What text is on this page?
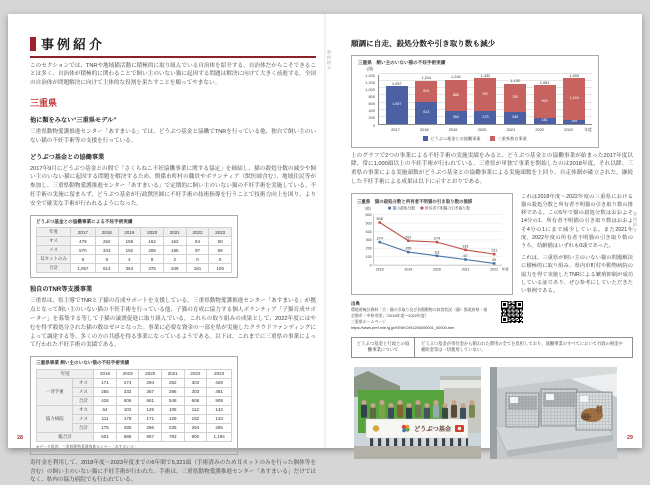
事例紹介

このセクションでは、TNRや地域猫活動に積極的に取り組んでいる自治体を紹介する。自治体だからこそできることは多く、自治体が積極的に関わることで飼い主のいない猫に起因する問題は解決に向けて大きく前進する。全国の自治体が問題解決に向けて主体的な役割を果たすことを願ってやまない。

三重県
他に類をみない“三重県モデル”

三重県動物愛護推進センター「あすまいる」では、どうぶつ基金と協働でTNRを行っている他、独自で飼い主のいない猫の不妊手術等の支援を行っている。

どうぶつ基金との協働事業

2017年9月にどうぶつ基金との間で「さくらねこ不妊協働事業に関する協定」を締結し、猫の殺処分数の減少や飼い主のいない猫に起因する問題を解決するため、関係市町村の職員やボランティア（獣医師含む）、地域住民等が参加し、三重県動物愛護推進センター「あすまいる」で定期的に飼い主のいない猫の不妊手術を実施している。不妊手術の実施に留まらず、どうぶつ基金が行政獣医師に不妊手術の技術指導を行うことで技術力向上を図り、より安全で確実な手術が行われるようになった。

どうぶつ基金との協働事業による不妊手術実績
年度	2017	2018	2019	2020	2021	2022	2023
オス	479	262	158	162	162	84	50
メス	570	343	192	205	185	97	59
耳カットのみ	8	8	4	8	2	0	0
合計	1,057	613	354	375	349	181	109
独自のTNR等支援事業

三重県は、県主導でTNRと子猫の育成サポートを支援している。三重県動物愛護推進センター「あすまいる」が拠点となって飼い主のいない猫の不妊手術を行っている他、子猫の育成に協力する個人ボランティア「子猫育成サポーター」を募集する等して子猫の譲渡促進に取り組んでいる。これらの取り組みの成果として、2022年度にはやむを得ず殺処分された猫の数はゼロとなった。事業に必要な資金の一部を県が実施したクラウドファンディングによって調達する等、多くの方の共感を得る事業になっているようである。以下は、これまでに三重県の事業によって行われた不妊手術の実績である。

三重県事業 飼い主のいない猫の不妊手術実績
年度		2018	2019	2020	2021	2022	2023
一斉手術	オス	171	274	294	252	303	428
	メス	255	332	367	296	303	481
	合計	426	606	661	548	606	909
協力病院	オス	64	102	125	106	112	142
	メス	111	178	171	129	182	143
	合計	175	280	296	235	294	285
総合計		601	886	957	783	900	1,194
※データ提供：三重県動物愛護推進センター「あすまいる」

寄付金を利用して、2018年度～2023年度までの6年間で5,321頭（手術済みのため耳カットのみを行った個体等を含む）の飼い主のいない猫に不妊手術が行われた。手術は、三重県動物愛護推進センター「あすまいる」だけではなく、県内の協力病院でも行われている。

28
事例紹介
事例紹介
順調に自走、殺処分数や引き取り数も減少
三重県　飼い主のいない猫の不妊手術実績
(頭)
0
200
400
600
800
1,000
1,200
1,400
1,057
1,057
1,214
601
613
1,240
886
354
1,332
957
375
1,132
783
349
1,081
900
181
1,303
1,194
109
2017	2018	2019	2020	2021	2022	2023	年度
どうぶつ基金との協働事業	三重県独自事業

上のグラフで2つの事業による不妊手術の実施実績をみると、どうぶつ基金との協働事業が始まった2017年度以降、常に1,000頭以上の不妊手術が行われている。三重県が単独で事業を開始したのは2018年度、それ以降、三重県の事業による実施頭数がどうぶつ基金との協働事業による実施頭数を上回り、自走体制が確立された。継続した不妊手術による成果は以下に示すとおりである。

三重県　猫の殺処分数と所有者不明猫の引き取り数の推移
(頭)	猫の殺処分数	所有者不明猫の引き取り数
0
100
200
300
400
500
600
274
155
111
67
20
508
291	274
181
131
2018	2019	2020	2021	2022 年度

これは2018年度～2022年度の三重県における猫の殺処分数と所有者不明猫の引き取り数の推移である。この5年で猫の殺処分数はおおよそ14分の1、所有者不明猫の引き取り数はおおよそ4分の1にまで減少している。また2021年度、2022年度の所有者不明猫の引き取り数のうち、幼齢猫はいずれも0頭であった。

これは、三重県が飼い主のいない猫の問題解決に積極的に取り組み、県内市町村や動物病院の協力を得て実施したTNRによる繁殖抑制が成功している証であり、ぜひ参考にしていただきたい事例である。

出典
環境省統計資料「犬・猫の引取り及び負傷動物の収容状況（猫）都道府県・指定都市・中核市別」（2018年度～2022年度）
三重県ホームページ
https://www.pref.mie.lg.jp/KENKO/91206000001_00004.htm
どうぶつ基金と行政との協働事業について
どうぶつ基金が寄付金から賄われた費用の全てを負担しており、協働事業のすべてにおいて行政の税金や補助金等は一切使用していない。
どうぶつ基金
29
